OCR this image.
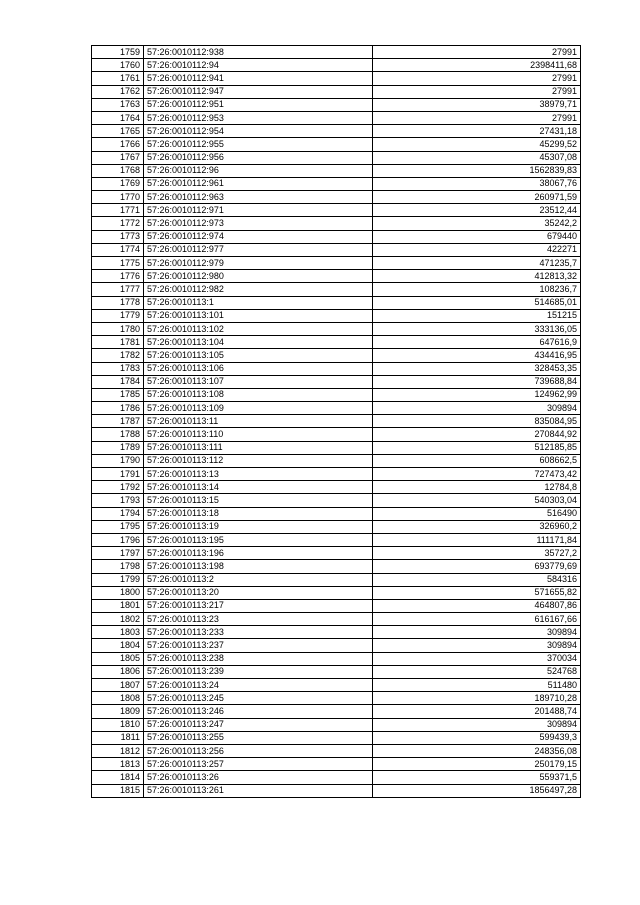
1759	57:26:0010112:938	27991
1760	57:26:0010112:94	2398411,68
1761	57:26:0010112:941	27991
1762	57:26:0010112:947	27991
1763	57:26:0010112:951	38979,71
1764	57:26:0010112:953	27991
1765	57:26:0010112:954	27431,18
1766	57:26:0010112:955	45299,52
1767	57:26:0010112:956	45307,08
1768	57:26:0010112:96	1562839,83
1769	57:26:0010112:961	38067,76
1770	57:26:0010112:963	260971,59
1771	57:26:0010112:971	23512,44
1772	57:26:0010112:973	35242,2
1773	57:26:0010112:974	679440
1774	57:26:0010112:977	422271
1775	57:26:0010112:979	471235,7
1776	57:26:0010112:980	412813,32
1777	57:26:0010112:982	108236,7
1778	57:26:0010113:1	514685,01
1779	57:26:0010113:101	151215
1780	57:26:0010113:102	333136,05
1781	57:26:0010113:104	647616,9
1782	57:26:0010113:105	434416,95
1783	57:26:0010113:106	328453,35
1784	57:26:0010113:107	739688,84
1785	57:26:0010113:108	124962,99
1786	57:26:0010113:109	309894
1787	57:26:0010113:11	835084,95
1788	57:26:0010113:110	270844,92
1789	57:26:0010113:111	512185,85
1790	57:26:0010113:112	608662,5
1791	57:26:0010113:13	727473,42
1792	57:26:0010113:14	12784,8
1793	57:26:0010113:15	540303,04
1794	57:26:0010113:18	516490
1795	57:26:0010113:19	326960,2
1796	57:26:0010113:195	111171,84
1797	57:26:0010113:196	35727,2
1798	57:26:0010113:198	693779,69
1799	57:26:0010113:2	584316
1800	57:26:0010113:20	571655,82
1801	57:26:0010113:217	464807,86
1802	57:26:0010113:23	616167,66
1803	57:26:0010113:233	309894
1804	57:26:0010113:237	309894
1805	57:26:0010113:238	370034
1806	57:26:0010113:239	524768
1807	57:26:0010113:24	511480
1808	57:26:0010113:245	189710,28
1809	57:26:0010113:246	201488,74
1810	57:26:0010113:247	309894
1811	57:26:0010113:255	599439,3
1812	57:26:0010113:256	248356,08
1813	57:26:0010113:257	250179,15
1814	57:26:0010113:26	559371,5
1815	57:26:0010113:261	1856497,28
